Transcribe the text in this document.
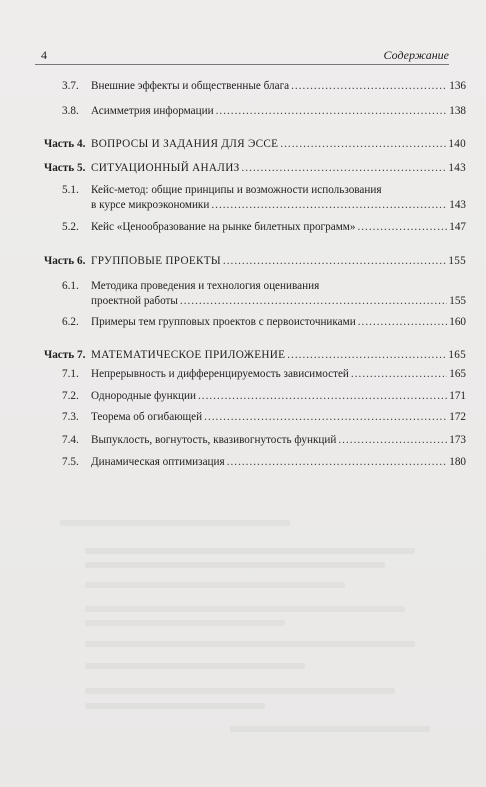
4	Содержание
3.7. Внешние эффекты и общественные блага .....	136
3.8. Асимметрия информации .....	138
Часть 4. ВОПРОСЫ И ЗАДАНИЯ ДЛЯ ЭССЕ .....	140
Часть 5. СИТУАЦИОННЫЙ АНАЛИЗ .....	143
5.1. Кейс-метод: общие принципы и возможности использования
в курсе микроэкономики .....	143
5.2. Кейс «Ценообразование на рынке билетных программ» .....	147
Часть 6. ГРУППОВЫЕ ПРОЕКТЫ .....	155
6.1. Методика проведения и технология оценивания
проектной работы .....	155
6.2. Примеры тем групповых проектов с первоисточниками .....	160
Часть 7. МАТЕМАТИЧЕСКОЕ ПРИЛОЖЕНИЕ .....	165
7.1. Непрерывность и дифференцируемость зависимостей .....	165
7.2. Однородные функции .....	171
7.3. Теорема об огибающей .....	172
7.4. Выпуклость, вогнутость, квазивогнутость функций .....	173
7.5. Динамическая оптимизация .....	180
